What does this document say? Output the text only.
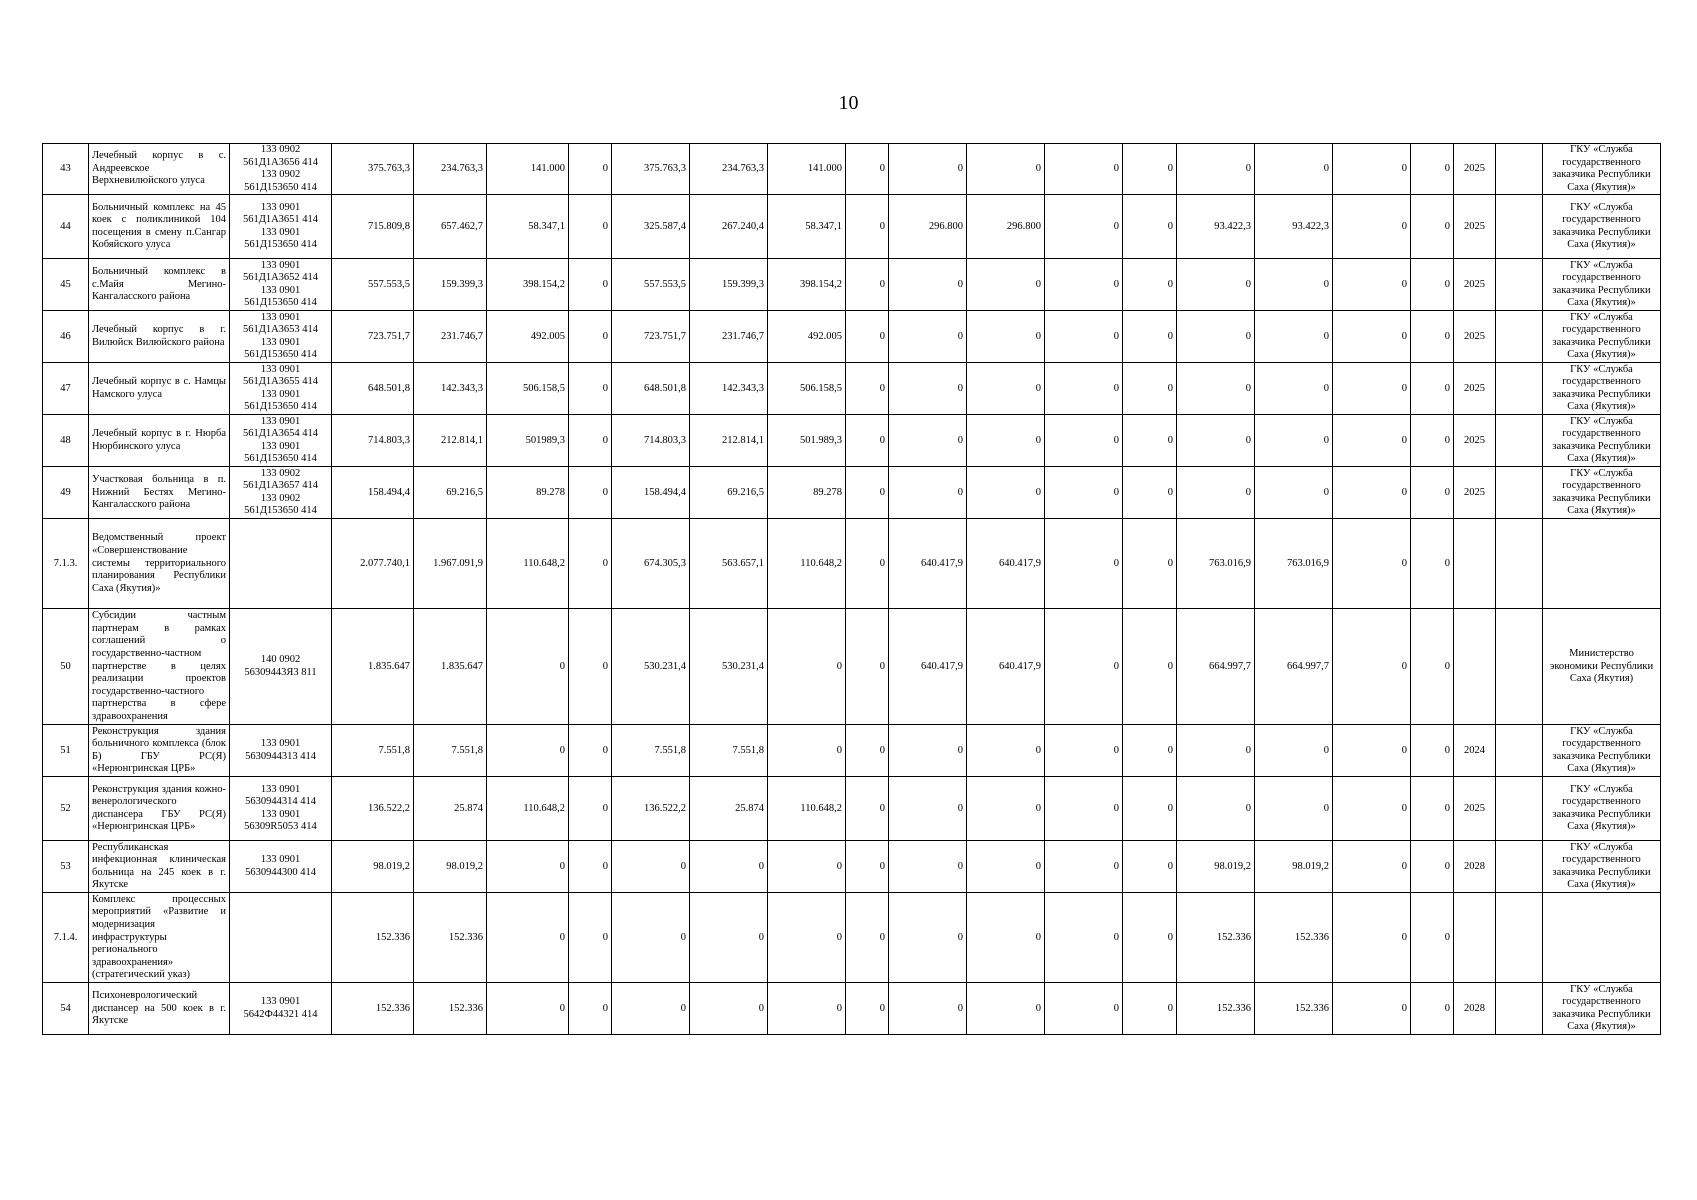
10
43	Лечебный корпус в с. Андреевское Верхневилюйского улуса	133 0902
561Д1А3656 414
133 0902
561Д153650 414	375.763,3	234.763,3	141.000	0	375.763,3	234.763,3	141.000	0	0	0	0	0	0	0	0	0	2025		ГКУ «Служба государственного заказчика Республики Саха (Якутия)»
44	Больничный комплекс на 45 коек с поликлиникой 104 посещения в смену п.Сангар Кобяйского улуса	133 0901
561Д1А3651 414
133 0901
561Д153650 414	715.809,8	657.462,7	58.347,1	0	325.587,4	267.240,4	58.347,1	0	296.800	296.800	0	0	93.422,3	93.422,3	0	0	2025		ГКУ «Служба государственного заказчика Республики Саха (Якутия)»
45	Больничный комплекс в с.Майя Мегино-Кангаласского района	133 0901
561Д1А3652 414
133 0901
561Д153650 414	557.553,5	159.399,3	398.154,2	0	557.553,5	159.399,3	398.154,2	0	0	0	0	0	0	0	0	0	2025		ГКУ «Служба государственного заказчика Республики Саха (Якутия)»
46	Лечебный корпус в г. Вилюйск Вилюйского района	133 0901
561Д1А3653 414
133 0901
561Д153650 414	723.751,7	231.746,7	492.005	0	723.751,7	231.746,7	492.005	0	0	0	0	0	0	0	0	0	2025		ГКУ «Служба государственного заказчика Республики Саха (Якутия)»
47	Лечебный корпус в с. Намцы Намского улуса	133 0901
561Д1А3655 414
133 0901
561Д153650 414	648.501,8	142.343,3	506.158,5	0	648.501,8	142.343,3	506.158,5	0	0	0	0	0	0	0	0	0	2025		ГКУ «Служба государственного заказчика Республики Саха (Якутия)»
48	Лечебный корпус в г. Нюрба Нюрбинского улуса	133 0901
561Д1А3654 414
133 0901
561Д153650 414	714.803,3	212.814,1	501989,3	0	714.803,3	212.814,1	501.989,3	0	0	0	0	0	0	0	0	0	2025		ГКУ «Служба государственного заказчика Республики Саха (Якутия)»
49	Участковая больница в п. Нижний Бестях Мегино-Кангаласского района	133 0902
561Д1А3657 414
133 0902
561Д153650 414	158.494,4	69.216,5	89.278	0	158.494,4	69.216,5	89.278	0	0	0	0	0	0	0	0	0	2025		ГКУ «Служба государственного заказчика Республики Саха (Якутия)»
7.1.3.	Ведомственный проект «Совершенствование системы территориального планирования Республики Саха (Якутия)»		2.077.740,1	1.967.091,9	110.648,2	0	674.305,3	563.657,1	110.648,2	0	640.417,9	640.417,9	0	0	763.016,9	763.016,9	0	0			
50	Субсидии частным партнерам в рамках соглашений о государственно-частном партнерстве в целях реализации проектов государственно-частного партнерства в сфере здравоохранения	140 0902
56309443Я3 811	1.835.647	1.835.647	0	0	530.231,4	530.231,4	0	0	640.417,9	640.417,9	0	0	664.997,7	664.997,7	0	0			Министерство экономики Республики Саха (Якутия)
51	Реконструкция здания больничного комплекса (блок Б) ГБУ РС(Я) «Нерюнгринская ЦРБ»	133 0901
5630944313 414	7.551,8	7.551,8	0	0	7.551,8	7.551,8	0	0	0	0	0	0	0	0	0	0	2024		ГКУ «Служба государственного заказчика Республики Саха (Якутия)»
52	Реконструкция здания кожно-венерологического диспансера ГБУ РС(Я) «Нерюнгринская ЦРБ»	133 0901
5630944314 414
133 0901
56309R5053 414	136.522,2	25.874	110.648,2	0	136.522,2	25.874	110.648,2	0	0	0	0	0	0	0	0	0	2025		ГКУ «Служба государственного заказчика Республики Саха (Якутия)»
53	Республиканская инфекционная клиническая больница на 245 коек в г. Якутске	133 0901
5630944300 414	98.019,2	98.019,2	0	0	0	0	0	0	0	0	0	0	98.019,2	98.019,2	0	0	2028		ГКУ «Служба государственного заказчика Республики Саха (Якутия)»
7.1.4.	Комплекс процессных мероприятий «Развитие и модернизация инфраструктуры регионального здравоохранения» (стратегический указ)		152.336	152.336	0	0	0	0	0	0	0	0	0	0	152.336	152.336	0	0			
54	Психоневрологический диспансер на 500 коек в г. Якутске	133 0901
5642Ф44321 414	152.336	152.336	0	0	0	0	0	0	0	0	0	0	152.336	152.336	0	0	2028		ГКУ «Служба государственного заказчика Республики Саха (Якутия)»
